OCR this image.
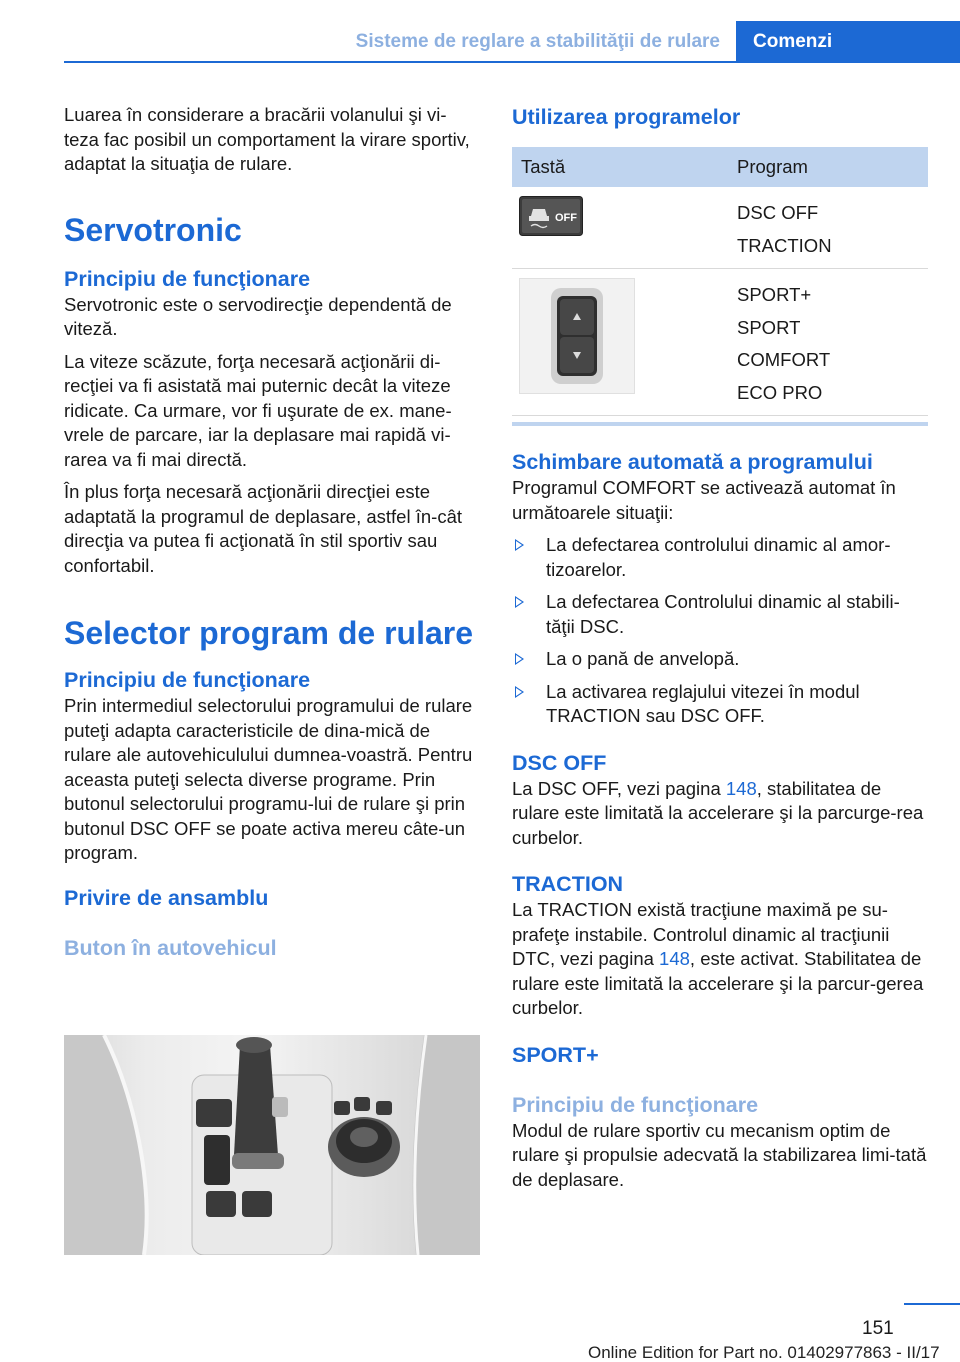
Sisteme de reglare a stabilităţii de rulare	Comenzi

Luarea în considerare a bracării volanului şi vi‐teza fac posibil un comportament la virare sportiv, adaptat la situaţia de rulare.

Servotronic
Principiu de funcţionare

Servotronic este o servodirecţie dependentă de viteză.

La viteze scăzute, forţa necesară acţionării di‐recţiei va fi asistată mai puternic decât la viteze ridicate. Ca urmare, vor fi uşurate de ex. mane‐vrele de parcare, iar la deplasare mai rapidă vi‐rarea va fi mai directă.

În plus forţa necesară acţionării direcţiei este adaptată la programul de deplasare, astfel în‐cât direcţia va putea fi acţionată în stil sportiv sau confortabil.

Selector program de rulare
Principiu de funcţionare

Prin intermediul selectorului programului de rulare puteţi adapta caracteristicile de dina‐mică de rulare ale autovehiculului dumnea‐voastră. Pentru aceasta puteţi selecta diverse programe. Prin butonul selectorului programu‐lui de rulare şi prin butonul DSC OFF se poate activa mereu câte-un program.

Privire de ansamblu
Buton în autovehicul
Utilizarea programelor
Tastă	Program

OFF	DSC OFF
TRACTION

SPORT+
SPORT
COMFORT
ECO PRO
Schimbare automată a programului

Programul COMFORT se activează automat în următoarele situaţii:

La defectarea controlului dinamic al amor‐tizoarelor.
La defectarea Controlului dinamic al stabili‐tăţii DSC.
La o pană de anvelopă.
La activarea reglajului vitezei în modul TRACTION sau DSC OFF.
DSC OFF

La DSC OFF, vezi pagina 148, stabilitatea de rulare este limitată la accelerare şi la parcurge‐rea curbelor.

TRACTION

La TRACTION există tracţiune maximă pe su‐prafeţe instabile. Controlul dinamic al tracţiunii DTC, vezi pagina 148, este activat. Stabilitatea de rulare este limitată la accelerare şi la parcur‐gerea curbelor.

SPORT+
Principiu de funcţionare

Modul de rulare sportiv cu mecanism optim de rulare şi propulsie adecvată la stabilizarea limi‐tată de deplasare.

151
Online Edition for Part no. 01402977863 - II/17
